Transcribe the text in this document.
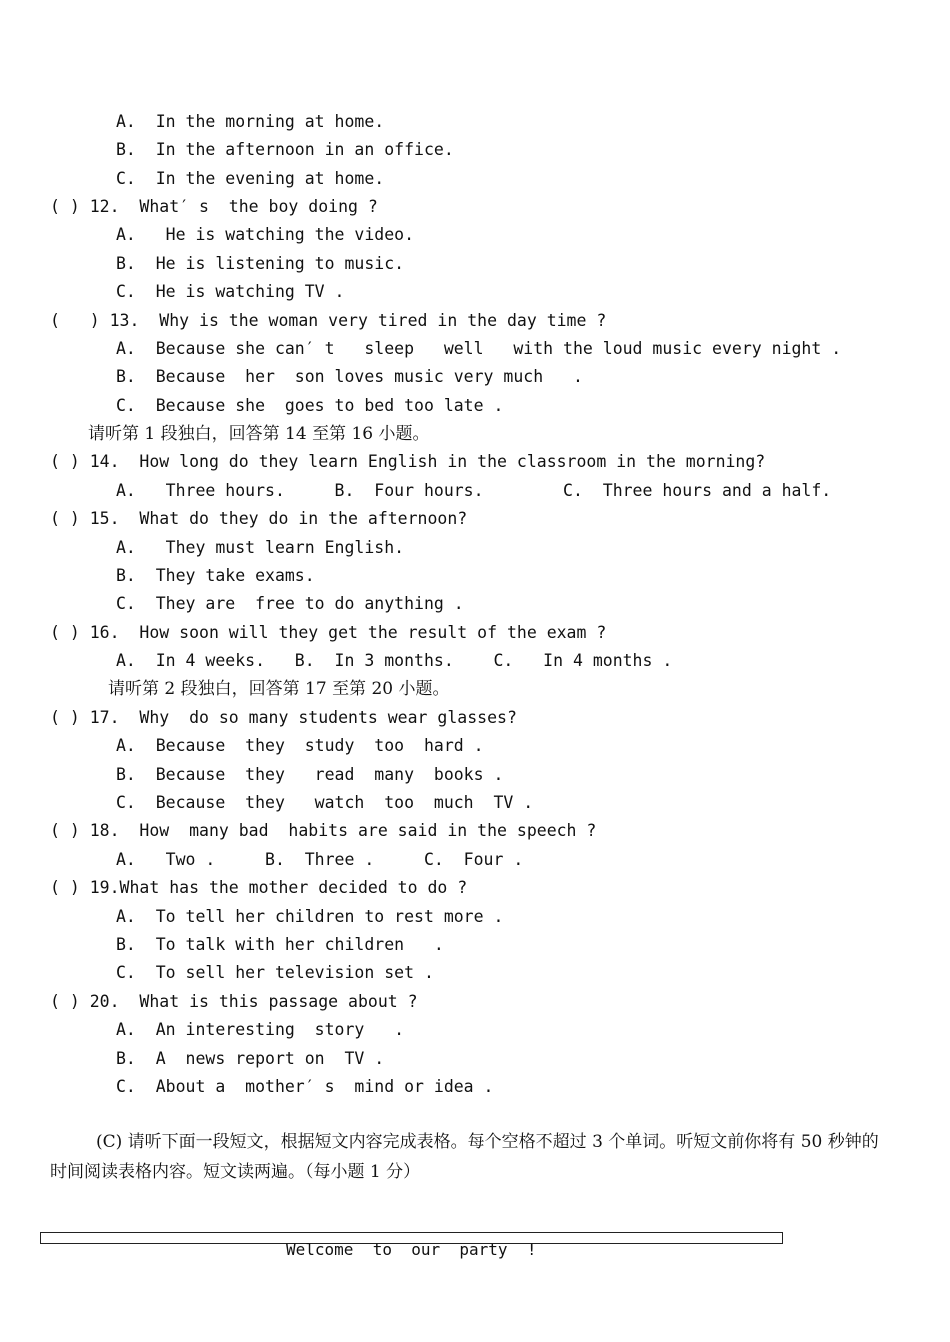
A.  In the morning at home.
B.  In the afternoon in an office.
C.  In the evening at home.
( ) 12.  What′ s  the boy doing ?
A.   He is watching the video.
B.  He is listening to music.
C.  He is watching TV .
(   ) 13.  Why is the woman very tired in the day time ?
A.  Because she can′ t   sleep   well   with the loud music every night .
B.  Because  her  son loves music very much   .
C.  Because she  goes to bed too late .
请听第 1 段独白，回答第 14 至第 16 小题。
( ) 14.  How long do they learn English in the classroom in the morning?
A.   Three hours.     B.  Four hours.        C.  Three hours and a half.
( ) 15.  What do they do in the afternoon?
A.   They must learn English.
B.  They take exams.
C.  They are  free to do anything .
( ) 16.  How soon will they get the result of the exam ?
A.  In 4 weeks.   B.  In 3 months.    C.   In 4 months .
请听第 2 段独白，回答第 17 至第 20 小题。
( ) 17.  Why  do so many students wear glasses?
A.  Because  they  study  too  hard .
B.  Because  they   read  many  books .
C.  Because  they   watch  too  much  TV .
( ) 18.  How  many bad  habits are said in the speech ?
A.   Two .     B.  Three .     C.  Four .
( ) 19.What has the mother decided to do ?
A.  To tell her children to rest more .
B.  To talk with her children   .
C.  To sell her television set .
( ) 20.  What is this passage about ?
A.  An interesting  story   .
B.  A  news report on  TV .
C.  About a  mother′ s  mind or idea .
(C) 请听下面一段短文，根据短文内容完成表格。每个空格不超过 3 个单词。听短文前你将有 50 秒钟的时间阅读表格内容。短文读两遍。（每小题 1 分）
Welcome  to  our  party  !
